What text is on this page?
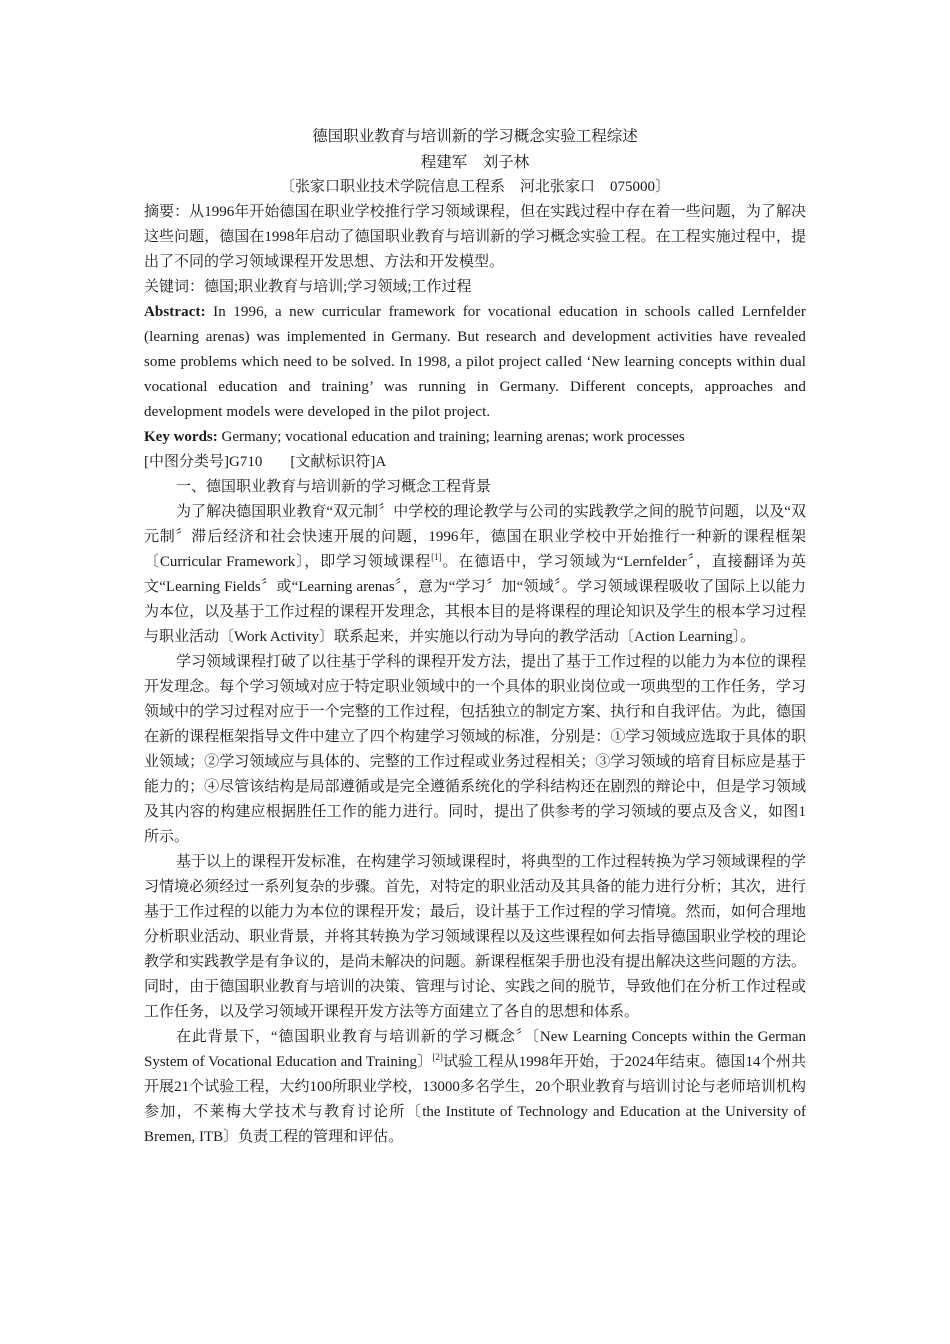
德国职业教育与培训新的学习概念实验工程综述
程建军　刘子林
〔张家口职业技术学院信息工程系　河北张家口　075000〕

摘要：从1996年开始德国在职业学校推行学习领域课程，但在实践过程中存在着一些问题，为了解决这些问题，德国在1998年启动了德国职业教育与培训新的学习概念实验工程。在工程实施过程中，提出了不同的学习领域课程开发思想、方法和开发模型。

关键词：德国;职业教育与培训;学习领域;工作过程

Abstract: In 1996, a new curricular framework for vocational education in schools called Lernfelder (learning arenas) was implemented in Germany. But research and development activities have revealed some problems which need to be solved. In 1998, a pilot project called ‘New learning concepts within dual vocational education and training’ was running in Germany. Different concepts, approaches and development models were developed in the pilot project.

Key words: Germany; vocational education and training; learning arenas; work processes

[中图分类号]G710 [文献标识符]A

一、德国职业教育与培训新的学习概念工程背景

为了解决德国职业教育“双元制〞中学校的理论教学与公司的实践教学之间的脱节问题，以及“双元制〞滞后经济和社会快速开展的问题，1996年，德国在职业学校中开始推行一种新的课程框架〔Curricular Framework〕，即学习领域课程[1]。在德语中，学习领域为“Lernfelder〞，直接翻译为英文“Learning Fields〞或“Learning arenas〞，意为“学习〞加“领域〞。学习领域课程吸收了国际上以能力为本位，以及基于工作过程的课程开发理念，其根本目的是将课程的理论知识及学生的根本学习过程与职业活动〔Work Activity〕联系起来，并实施以行动为导向的教学活动〔Action Learning〕。

学习领域课程打破了以往基于学科的课程开发方法，提出了基于工作过程的以能力为本位的课程开发理念。每个学习领域对应于特定职业领域中的一个具体的职业岗位或一项典型的工作任务，学习领域中的学习过程对应于一个完整的工作过程，包括独立的制定方案、执行和自我评估。为此，德国在新的课程框架指导文件中建立了四个构建学习领域的标准，分别是：①学习领域应选取于具体的职业领域；②学习领域应与具体的、完整的工作过程或业务过程相关；③学习领域的培育目标应是基于能力的；④尽管该结构是局部遵循或是完全遵循系统化的学科结构还在剧烈的辩论中，但是学习领域及其内容的构建应根据胜任工作的能力进行。同时，提出了供参考的学习领域的要点及含义，如图1所示。

基于以上的课程开发标准，在构建学习领域课程时，将典型的工作过程转换为学习领域课程的学习情境必须经过一系列复杂的步骤。首先，对特定的职业活动及其具备的能力进行分析；其次，进行基于工作过程的以能力为本位的课程开发；最后，设计基于工作过程的学习情境。然而，如何合理地分析职业活动、职业背景，并将其转换为学习领域课程以及这些课程如何去指导德国职业学校的理论教学和实践教学是有争议的，是尚未解决的问题。新课程框架手册也没有提出解决这些问题的方法。同时，由于德国职业教育与培训的决策、管理与讨论、实践之间的脱节，导致他们在分析工作过程或工作任务，以及学习领域开课程开发方法等方面建立了各自的思想和体系。

在此背景下，“德国职业教育与培训新的学习概念〞〔New Learning Concepts within the German System of Vocational Education and Training〕[2]试验工程从1998年开始，于2024年结束。德国14个州共开展21个试验工程，大约100所职业学校，13000多名学生，20个职业教育与培训讨论与老师培训机构参加，不莱梅大学技术与教育讨论所〔the Institute of Technology and Education at the University of Bremen, ITB〕负责工程的管理和评估。
